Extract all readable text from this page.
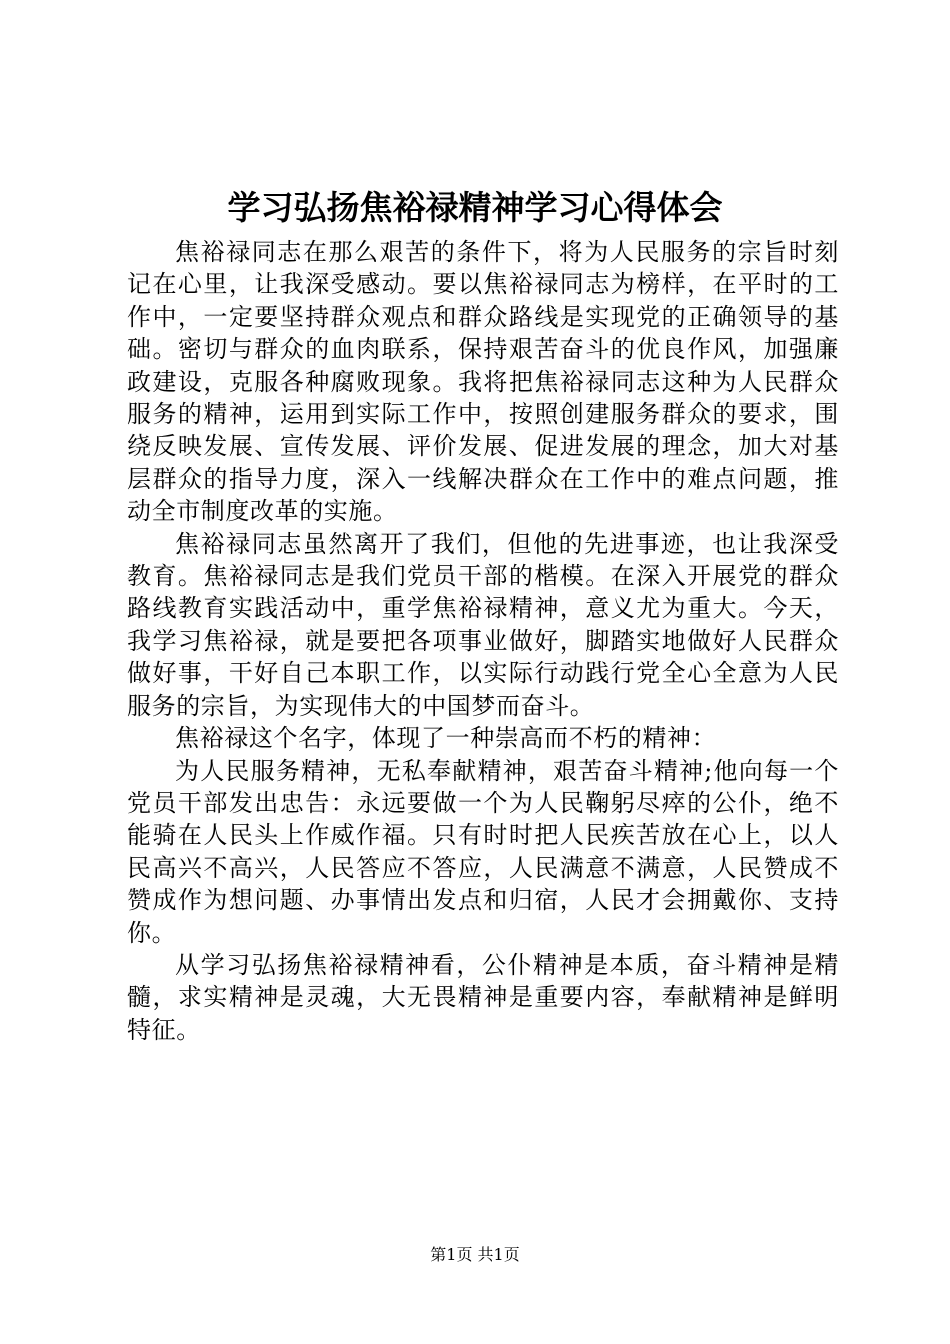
学习弘扬焦裕禄精神学习心得体会

焦裕禄同志在那么艰苦的条件下，将为人民服务的宗旨时刻记在心里，让我深受感动。要以焦裕禄同志为榜样，在平时的工作中，一定要坚持群众观点和群众路线是实现党的正确领导的基础。密切与群众的血肉联系，保持艰苦奋斗的优良作风，加强廉政建设，克服各种腐败现象。我将把焦裕禄同志这种为人民群众服务的精神，运用到实际工作中，按照创建服务群众的要求，围绕反映发展、宣传发展、评价发展、促进发展的理念，加大对基层群众的指导力度，深入一线解决群众在工作中的难点问题，推动全市制度改革的实施。

焦裕禄同志虽然离开了我们，但他的先进事迹，也让我深受教育。焦裕禄同志是我们党员干部的楷模。在深入开展党的群众路线教育实践活动中，重学焦裕禄精神，意义尤为重大。今天，我学习焦裕禄，就是要把各项事业做好，脚踏实地做好人民群众做好事，干好自己本职工作，以实际行动践行党全心全意为人民服务的宗旨，为实现伟大的中国梦而奋斗。

焦裕禄这个名字，体现了一种崇高而不朽的精神：

为人民服务精神，无私奉献精神，艰苦奋斗精神;他向每一个党员干部发出忠告：永远要做一个为人民鞠躬尽瘁的公仆，绝不能骑在人民头上作威作福。只有时时把人民疾苦放在心上，以人民高兴不高兴，人民答应不答应，人民满意不满意，人民赞成不赞成作为想问题、办事情出发点和归宿，人民才会拥戴你、支持你。

从学习弘扬焦裕禄精神看，公仆精神是本质，奋斗精神是精髓，求实精神是灵魂，大无畏精神是重要内容，奉献精神是鲜明特征。

第1页 共1页
